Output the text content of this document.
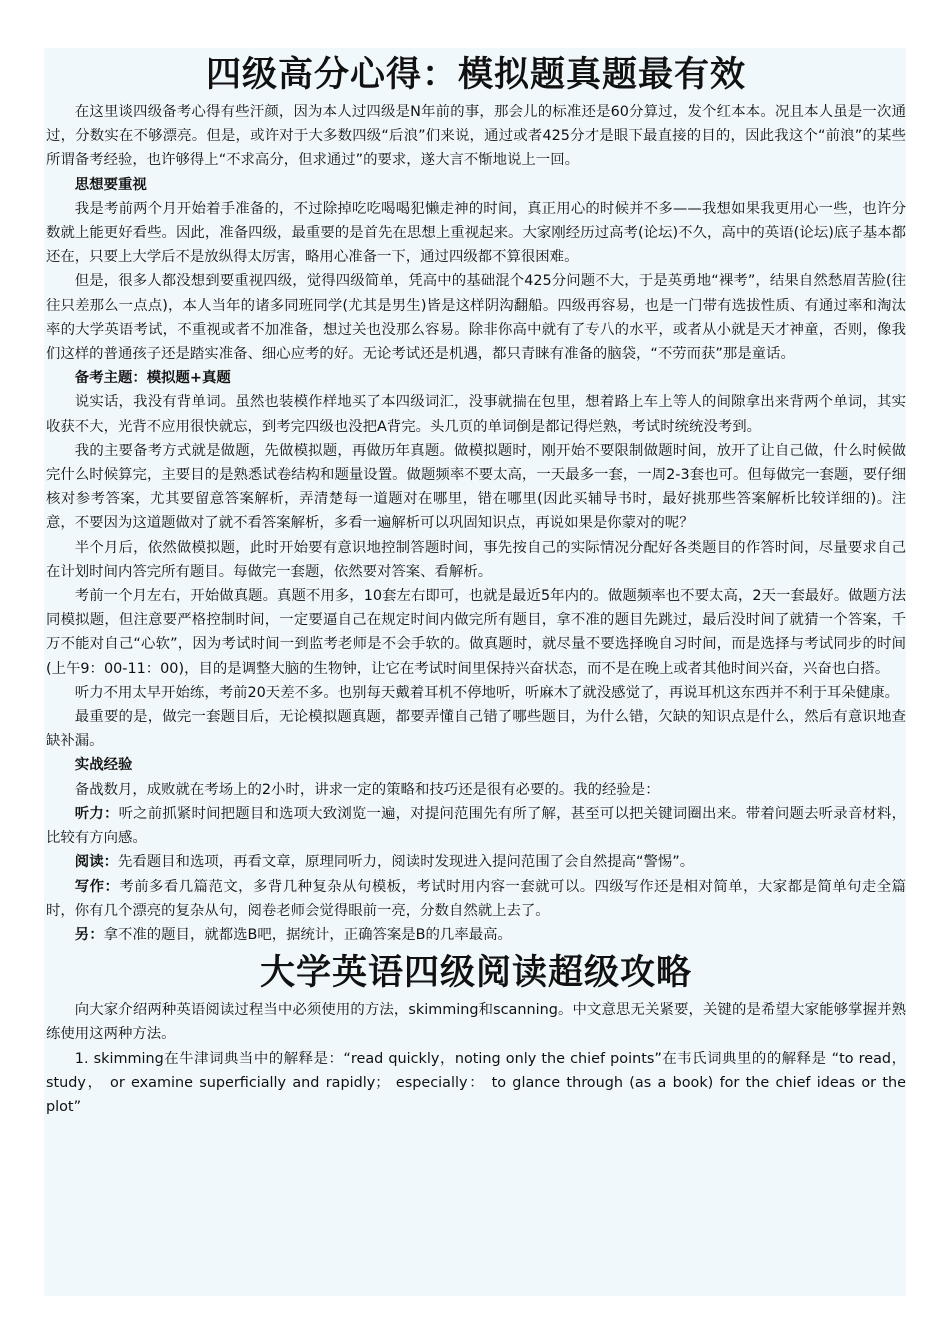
四级高分心得：模拟题真题最有效

在这里谈四级备考心得有些汗颜，因为本人过四级是N年前的事，那会儿的标准还是60分算过，发个红本本。况且本人虽是一次通过，分数实在不够漂亮。但是，或许对于大多数四级“后浪”们来说，通过或者425分才是眼下最直接的目的，因此我这个“前浪”的某些所谓备考经验，也许够得上“不求高分，但求通过”的要求，遂大言不惭地说上一回。

思想要重视

我是考前两个月开始着手准备的，不过除掉吃吃喝喝犯懒走神的时间，真正用心的时候并不多——我想如果我更用心一些，也许分数就上能更好看些。因此，准备四级，最重要的是首先在思想上重视起来。大家刚经历过高考(论坛)不久，高中的英语(论坛)底子基本都还在，只要上大学后不是放纵得太厉害，略用心准备一下，通过四级都不算很困难。

但是，很多人都没想到要重视四级，觉得四级简单，凭高中的基础混个425分问题不大，于是英勇地“裸考”，结果自然愁眉苦脸(往往只差那么一点点)，本人当年的诸多同班同学(尤其是男生)皆是这样阴沟翻船。四级再容易，也是一门带有选拔性质、有通过率和淘汰率的大学英语考试，不重视或者不加准备，想过关也没那么容易。除非你高中就有了专八的水平，或者从小就是天才神童，否则，像我们这样的普通孩子还是踏实准备、细心应考的好。无论考试还是机遇，都只青睐有准备的脑袋，“不劳而获”那是童话。

备考主题：模拟题+真题

说实话，我没有背单词。虽然也装模作样地买了本四级词汇，没事就揣在包里，想着路上车上等人的间隙拿出来背两个单词，其实收获不大，光背不应用很快就忘，到考完四级也没把A背完。头几页的单词倒是都记得烂熟，考试时统统没考到。

我的主要备考方式就是做题，先做模拟题，再做历年真题。做模拟题时，刚开始不要限制做题时间，放开了让自己做，什么时候做完什么时候算完，主要目的是熟悉试卷结构和题量设置。做题频率不要太高，一天最多一套，一周2-3套也可。但每做完一套题，要仔细核对参考答案，尤其要留意答案解析，弄清楚每一道题对在哪里，错在哪里(因此买辅导书时，最好挑那些答案解析比较详细的)。注意，不要因为这道题做对了就不看答案解析，多看一遍解析可以巩固知识点，再说如果是你蒙对的呢？

半个月后，依然做模拟题，此时开始要有意识地控制答题时间，事先按自己的实际情况分配好各类题目的作答时间，尽量要求自己在计划时间内答完所有题目。每做完一套题，依然要对答案、看解析。

考前一个月左右，开始做真题。真题不用多，10套左右即可，也就是最近5年内的。做题频率也不要太高，2天一套最好。做题方法同模拟题，但注意要严格控制时间，一定要逼自己在规定时间内做完所有题目，拿不准的题目先跳过，最后没时间了就猜一个答案，千万不能对自己“心软”，因为考试时间一到监考老师是不会手软的。做真题时，就尽量不要选择晚自习时间，而是选择与考试同步的时间(上午9：00-11：00)，目的是调整大脑的生物钟，让它在考试时间里保持兴奋状态，而不是在晚上或者其他时间兴奋，兴奋也白搭。

听力不用太早开始练，考前20天差不多。也别每天戴着耳机不停地听，听麻木了就没感觉了，再说耳机这东西并不利于耳朵健康。

最重要的是，做完一套题目后，无论模拟题真题，都要弄懂自己错了哪些题目，为什么错，欠缺的知识点是什么，然后有意识地查缺补漏。

实战经验

备战数月，成败就在考场上的2小时，讲求一定的策略和技巧还是很有必要的。我的经验是：

听力：听之前抓紧时间把题目和选项大致浏览一遍，对提问范围先有所了解，甚至可以把关键词圈出来。带着问题去听录音材料，比较有方向感。

阅读：先看题目和选项，再看文章，原理同听力，阅读时发现进入提问范围了会自然提高“警惕”。

写作：考前多看几篇范文，多背几种复杂从句模板，考试时用内容一套就可以。四级写作还是相对简单，大家都是简单句走全篇时，你有几个漂亮的复杂从句，阅卷老师会觉得眼前一亮，分数自然就上去了。

另：拿不准的题目，就都选B吧，据统计，正确答案是B的几率最高。

大学英语四级阅读超级攻略

向大家介绍两种英语阅读过程当中必须使用的方法，skimming和scanning。中文意思无关紧要，关键的是希望大家能够掌握并熟练使用这两种方法。

1. skimming在牛津词典当中的解释是：“read quickly，noting only the chief points”在韦氏词典里的的解释是 “to read， study， or examine superficially and rapidly； especially： to glance through (as a book) for the chief ideas or the plot”
